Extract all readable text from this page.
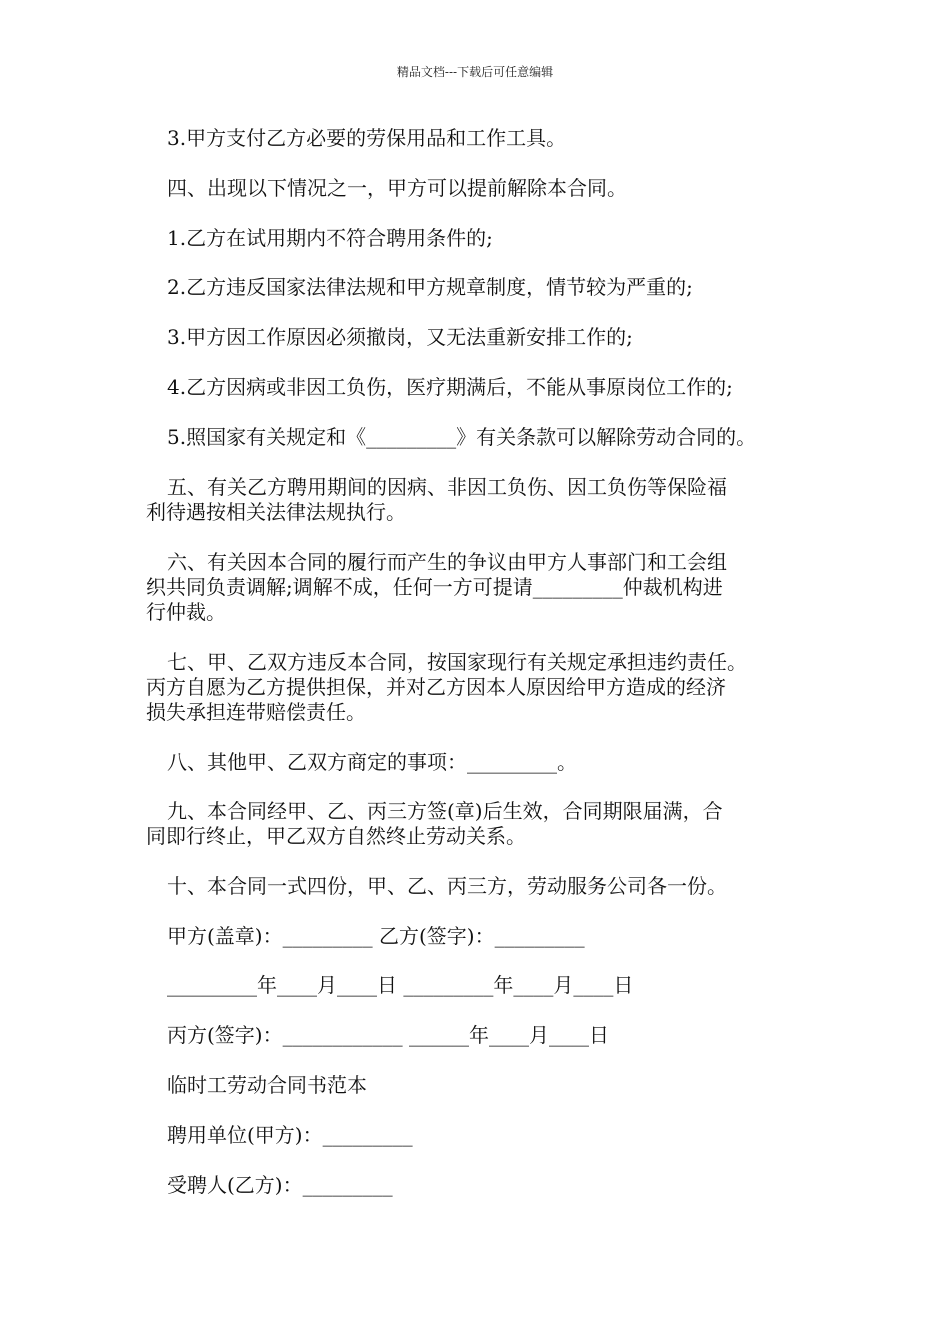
精品文档---下载后可任意编辑
3.甲方支付乙方必要的劳保用品和工作工具。
四、出现以下情况之一，甲方可以提前解除本合同。
1.乙方在试用期内不符合聘用条件的;
2.乙方违反国家法律法规和甲方规章制度，情节较为严重的;
3.甲方因工作原因必须撤岗，又无法重新安排工作的;
4.乙方因病或非因工负伤，医疗期满后，不能从事原岗位工作的;
5.照国家有关规定和《_________》有关条款可以解除劳动合同的。
五、有关乙方聘用期间的因病、非因工负伤、因工负伤等保险福
利待遇按相关法律法规执行。
六、有关因本合同的履行而产生的争议由甲方人事部门和工会组
织共同负责调解;调解不成，任何一方可提请_________仲裁机构进
行仲裁。
七、甲、乙双方违反本合同，按国家现行有关规定承担违约责任。
丙方自愿为乙方提供担保，并对乙方因本人原因给甲方造成的经济
损失承担连带赔偿责任。
八、其他甲、乙双方商定的事项：_________。
九、本合同经甲、乙、丙三方签(章)后生效，合同期限届满，合
同即行终止，甲乙双方自然终止劳动关系。
十、本合同一式四份，甲、乙、丙三方，劳动服务公司各一份。
甲方(盖章)：_________ 乙方(签字)：_________
_________年____月____日 _________年____月____日
丙方(签字)：____________ ______年____月____日
临时工劳动合同书范本
聘用单位(甲方)：_________
受聘人(乙方)：_________
